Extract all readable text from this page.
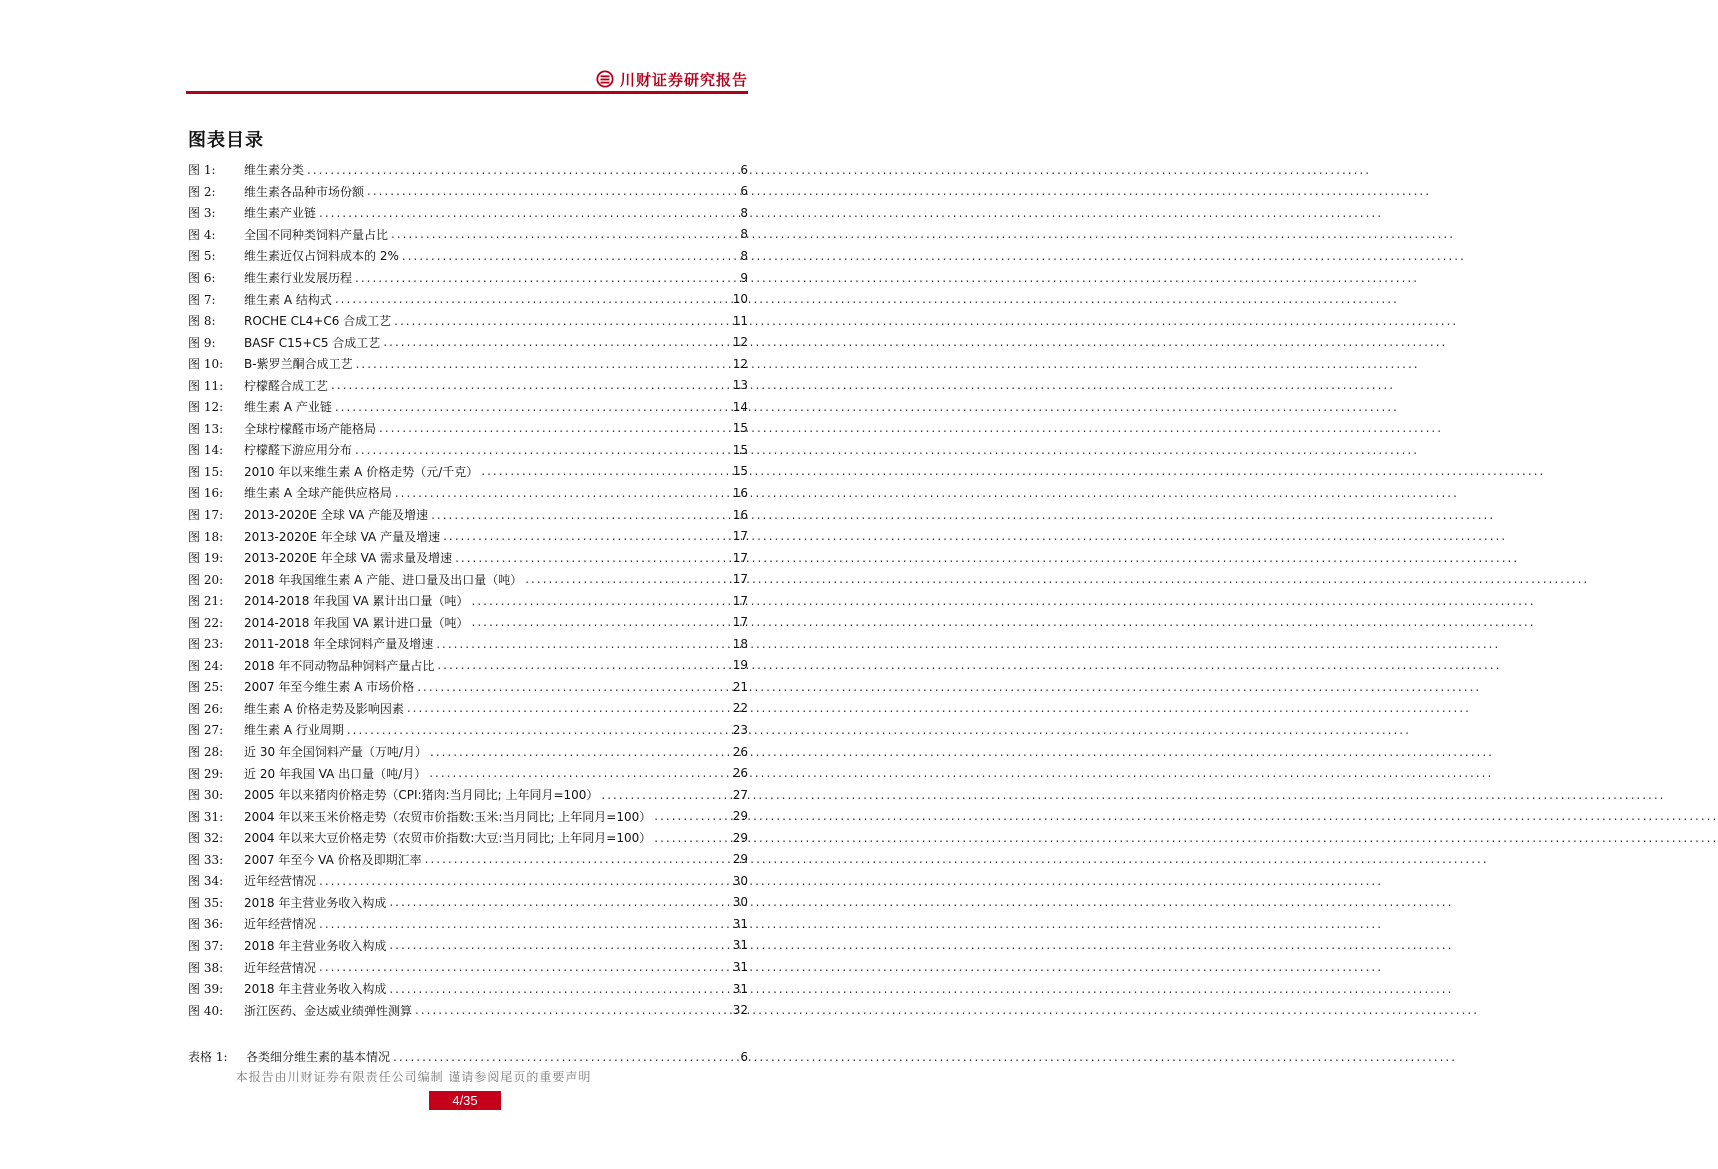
川财证券研究报告
图表目录
图 1:	维生素分类 .....	6
图 2:	维生素各品种市场份额 .....	6
图 3:	维生素产业链 .....	8
图 4:	全国不同种类饲料产量占比 .....	8
图 5:	维生素近仅占饲料成本的 2% .....	8
图 6:	维生素行业发展历程 .....	9
图 7:	维生素 A 结构式 .....	10
图 8:	ROCHE CL4+C6 合成工艺 .....	11
图 9:	BASF C15+C5 合成工艺 .....	12
图 10:	Β-紫罗兰酮合成工艺 .....	12
图 11:	柠檬醛合成工艺 .....	13
图 12:	维生素 A 产业链 .....	14
图 13:	全球柠檬醛市场产能格局 .....	15
图 14:	柠檬醛下游应用分布 .....	15
图 15:	2010 年以来维生素 A 价格走势（元/千克） .....	15
图 16:	维生素 A 全球产能供应格局 .....	16
图 17:	2013-2020E 全球 VA 产能及增速 .....	16
图 18:	2013-2020E 年全球 VA 产量及增速 .....	17
图 19:	2013-2020E 年全球 VA 需求量及增速 .....	17
图 20:	2018 年我国维生素 A 产能、进口量及出口量（吨） .....	17
图 21:	2014-2018 年我国 VA 累计出口量（吨） .....	17
图 22:	2014-2018 年我国 VA 累计进口量（吨） .....	17
图 23:	2011-2018 年全球饲料产量及增速 .....	18
图 24:	2018 年不同动物品种饲料产量占比 .....	19
图 25:	2007 年至今维生素 A 市场价格 .....	21
图 26:	维生素 A 价格走势及影响因素 .....	22
图 27:	维生素 A 行业周期 .....	23
图 28:	近 30 年全国饲料产量（万吨/月） .....	26
图 29:	近 20 年我国 VA 出口量（吨/月） .....	26
图 30:	2005 年以来猪肉价格走势（CPI:猪肉:当月同比; 上年同月=100） .....	27
图 31:	2004 年以来玉米价格走势（农贸市价指数:玉米:当月同比; 上年同月=100） .....	29
图 32:	2004 年以来大豆价格走势（农贸市价指数:大豆:当月同比; 上年同月=100） .....	29
图 33:	2007 年至今 VA 价格及即期汇率 .....	29
图 34:	近年经营情况 .....	30
图 35:	2018 年主营业务收入构成 .....	30
图 36:	近年经营情况 .....	31
图 37:	2018 年主营业务收入构成 .....	31
图 38:	近年经营情况 .....	31
图 39:	2018 年主营业务收入构成 .....	31
图 40:	浙江医药、金达威业绩弹性测算 .....	32
表格 1:	各类细分维生素的基本情况 .....	6
本报告由川财证券有限责任公司编制 谨请参阅尾页的重要声明
4/35
